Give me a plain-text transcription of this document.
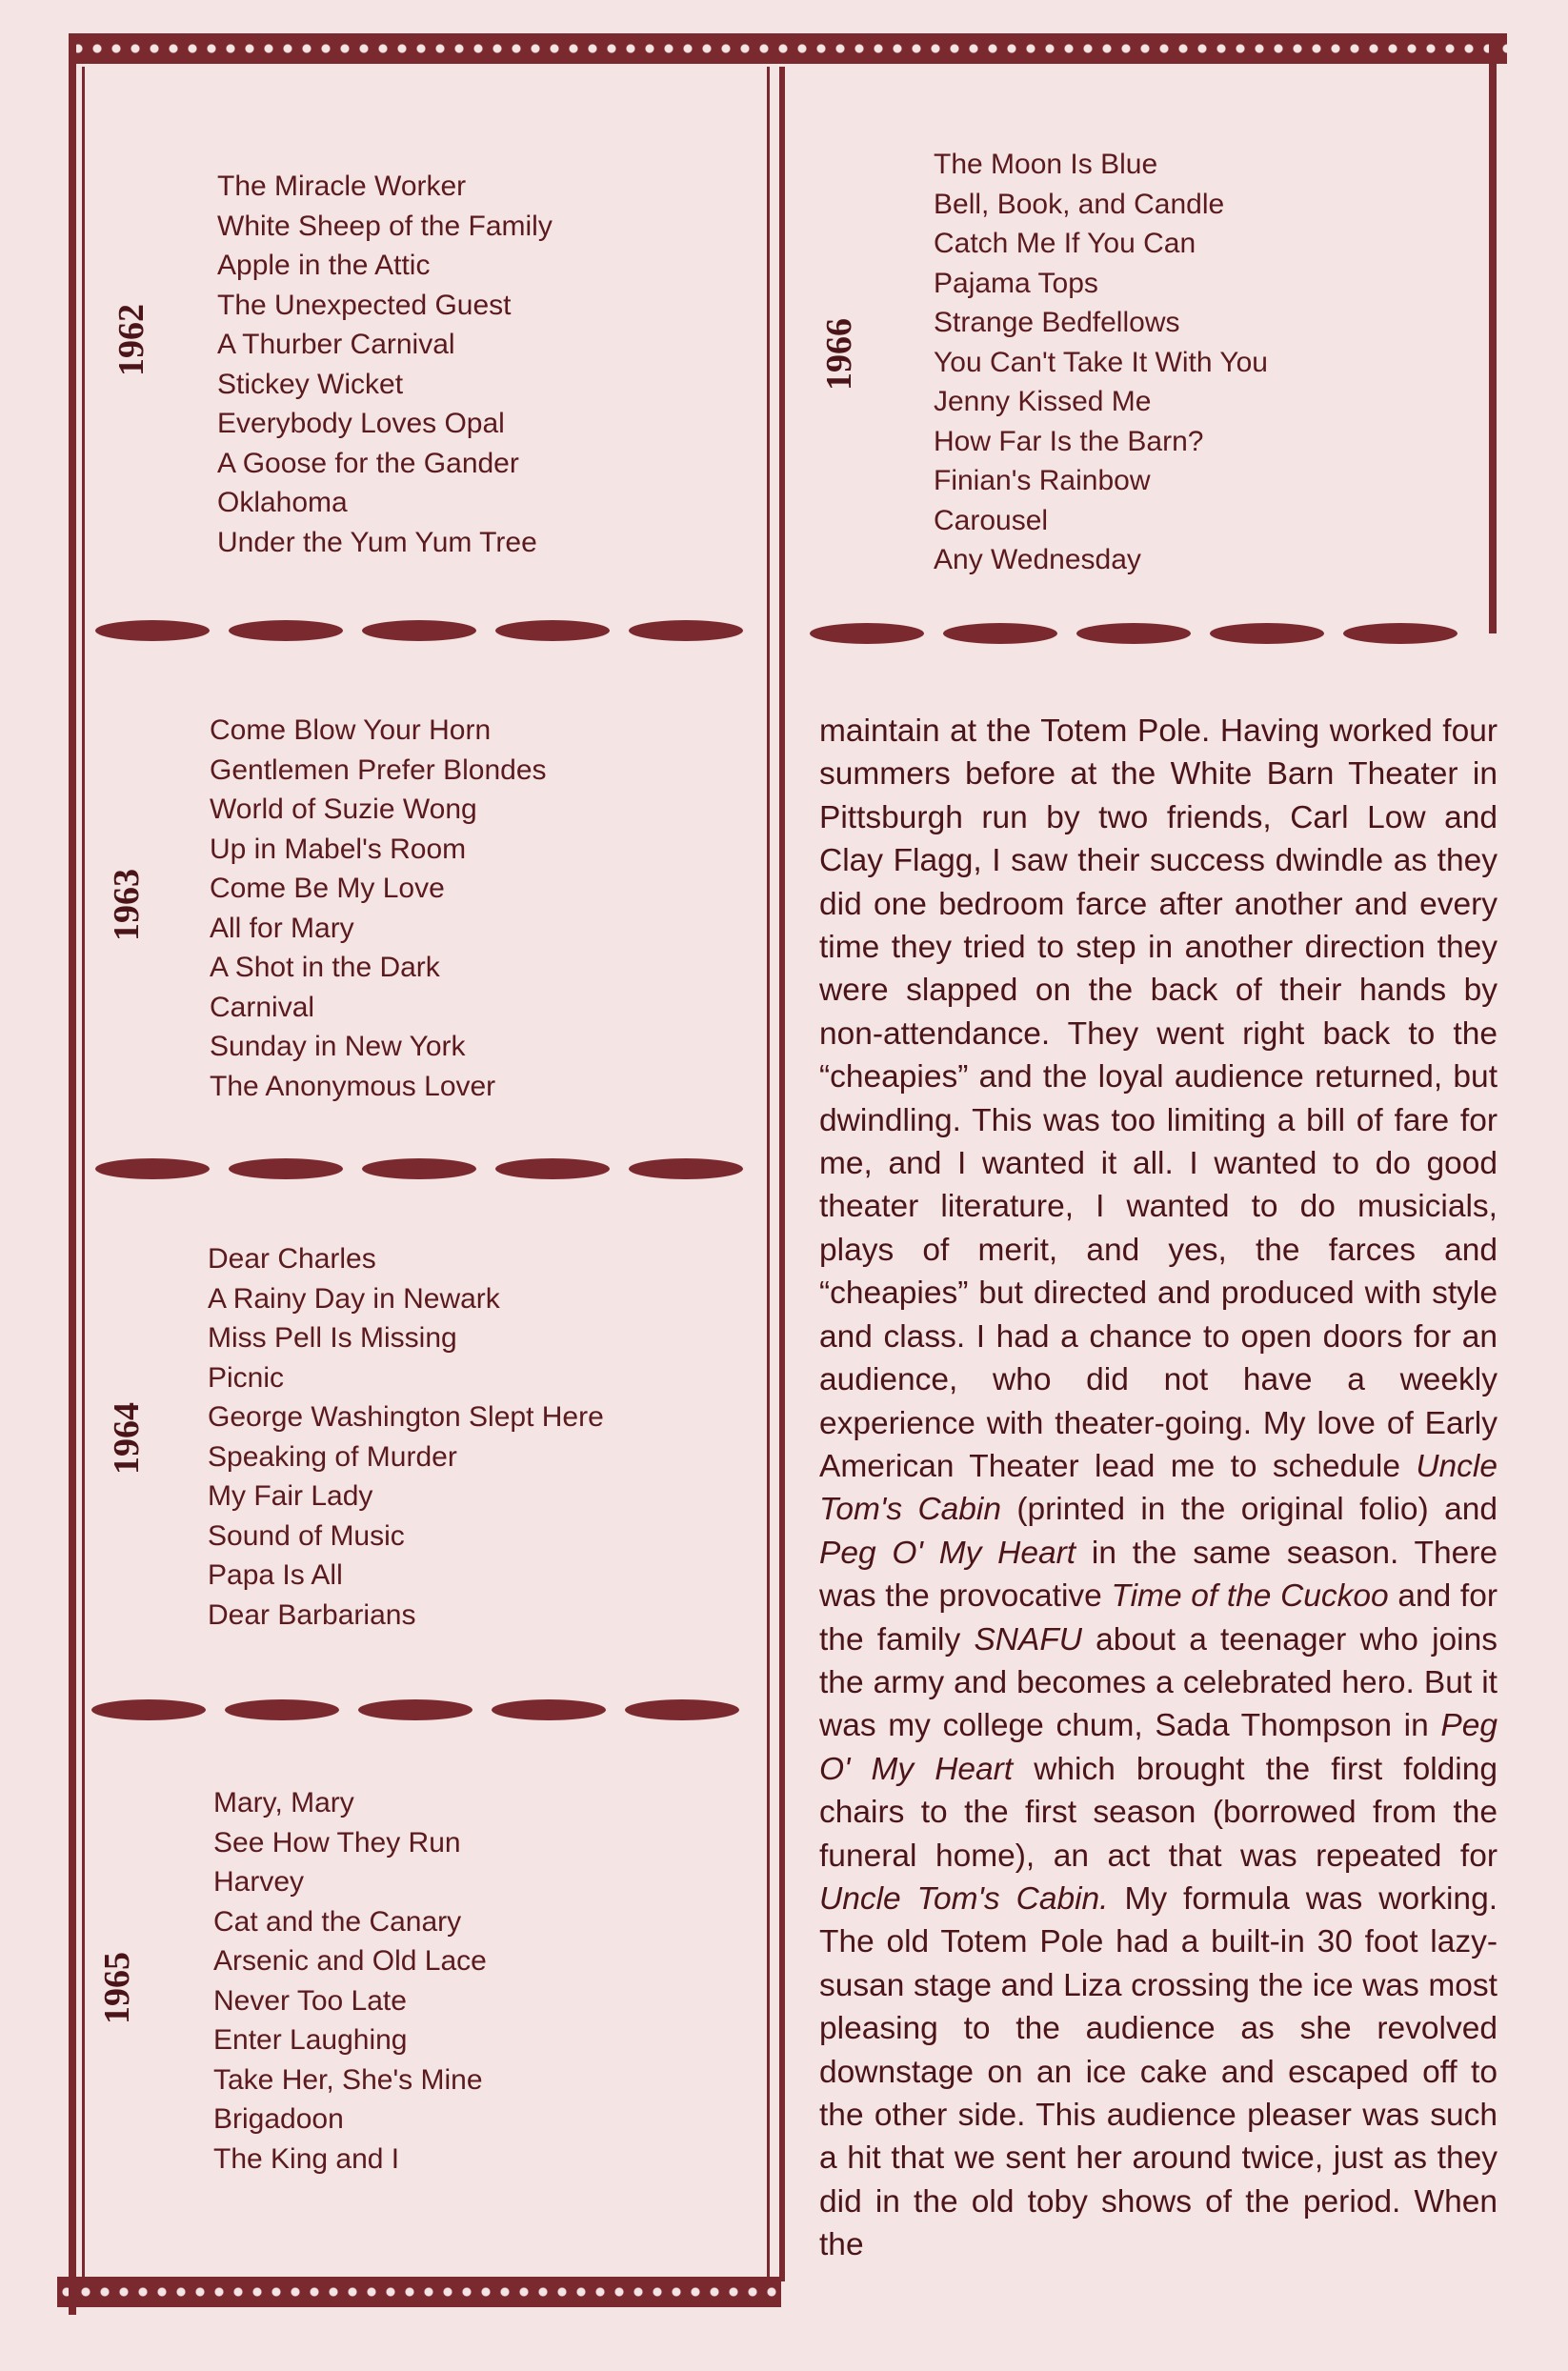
1962
The Miracle Worker
White Sheep of the Family
Apple in the Attic
The Unexpected Guest
A Thurber Carnival
Stickey Wicket
Everybody Loves Opal
A Goose for the Gander
Oklahoma
Under the Yum Yum Tree
1966
The Moon Is Blue
Bell, Book, and Candle
Catch Me If You Can
Pajama Tops
Strange Bedfellows
You Can't Take It With You
Jenny Kissed Me
How Far Is the Barn?
Finian's Rainbow
Carousel
Any Wednesday
1963
Come Blow Your Horn
Gentlemen Prefer Blondes
World of Suzie Wong
Up in Mabel's Room
Come Be My Love
All for Mary
A Shot in the Dark
Carnival
Sunday in New York
The Anonymous Lover
1964
Dear Charles
A Rainy Day in Newark
Miss Pell Is Missing
Picnic
George Washington Slept Here
Speaking of Murder
My Fair Lady
Sound of Music
Papa Is All
Dear Barbarians
1965
Mary, Mary
See How They Run
Harvey
Cat and the Canary
Arsenic and Old Lace
Never Too Late
Enter Laughing
Take Her, She's Mine
Brigadoon
The King and I

maintain at the Totem Pole. Having worked four summers before at the White Barn Theater in Pittsburgh run by two friends, Carl Low and Clay Flagg, I saw their success dwindle as they did one bedroom farce after another and every time they tried to step in another direction they were slapped on the back of their hands by non-attendance. They went right back to the “cheapies” and the loyal audience returned, but dwindling. This was too limiting a bill of fare for me, and I wanted it all. I wanted to do good theater literature, I wanted to do musicials, plays of merit, and yes, the farces and “cheapies” but directed and produced with style and class. I had a chance to open doors for an audience, who did not have a weekly experience with theater-going. My love of Early American Theater lead me to schedule Uncle Tom's Cabin (printed in the original folio) and Peg O' My Heart in the same season. There was the provocative Time of the Cuckoo and for the family SNAFU about a teenager who joins the army and becomes a celebrated hero. But it was my college chum, Sada Thompson in Peg O' My Heart which brought the first folding chairs to the first season (borrowed from the funeral home), an act that was repeated for Uncle Tom's Cabin. My formula was working. The old Totem Pole had a built-in 30 foot lazy-susan stage and Liza crossing the ice was most pleasing to the audience as she revolved downstage on an ice cake and escaped off to the other side. This audience pleaser was such a hit that we sent her around twice, just as they did in the old toby shows of the period. When the
